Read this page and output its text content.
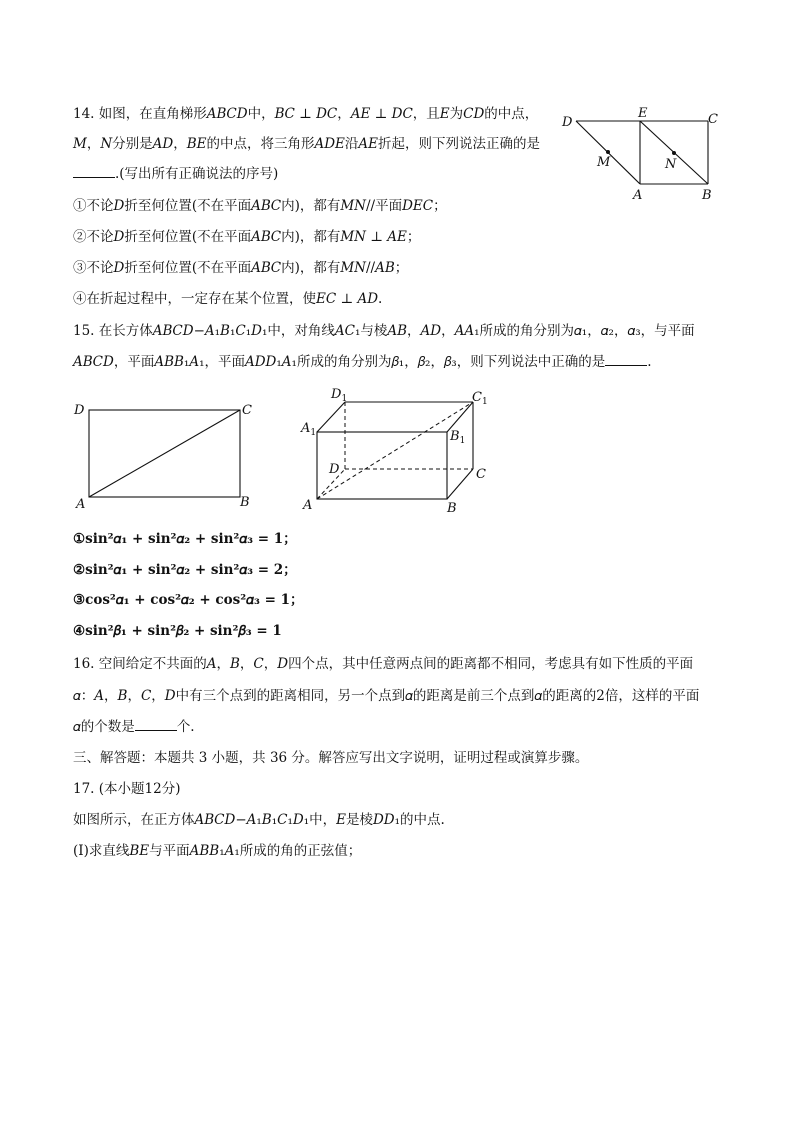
14. 如图，在直角梯形𝐴𝐵𝐶𝐷中，𝐵𝐶 ⊥ 𝐷𝐶，𝐴𝐸 ⊥ 𝐷𝐶，且𝐸为𝐶𝐷的中点，
𝑀，𝑁分别是𝐴𝐷，𝐵𝐸的中点，将三角形𝐴𝐷𝐸沿𝐴𝐸折起，则下列说法正确的是
.(写出所有正确说法的序号)
①不论𝐷折至何位置(不在平面𝐴𝐵𝐶内)，都有𝑀𝑁//平面𝐷𝐸𝐶；
②不论𝐷折至何位置(不在平面𝐴𝐵𝐶内)，都有𝑀𝑁 ⊥ 𝐴𝐸；
③不论𝐷折至何位置(不在平面𝐴𝐵𝐶内)，都有𝑀𝑁//𝐴𝐵；
④在折起过程中，一定存在某个位置，使𝐸𝐶 ⊥ 𝐴𝐷.
D
E	C
M	N
A	B
15. 在长方体𝐴𝐵𝐶𝐷−𝐴₁𝐵₁𝐶₁𝐷₁中，对角线𝐴𝐶₁与棱𝐴𝐵，𝐴𝐷，𝐴𝐴₁所成的角分别为𝛼₁，𝛼₂，𝛼₃，与平面
𝐴𝐵𝐶𝐷，平面𝐴𝐵𝐵₁𝐴₁，平面𝐴𝐷𝐷₁𝐴₁所成的角分别为𝛽₁，𝛽₂，𝛽₃，则下列说法中正确的是	.
D	C
A	B
$D_1$	$C_1$
$A_1$	$B_1$
D	C
A	B
①sin²𝛼₁ + sin²𝛼₂ + sin²𝛼₃ = 1；
②sin²𝛼₁ + sin²𝛼₂ + sin²𝛼₃ = 2；
③cos²𝛼₁ + cos²𝛼₂ + cos²𝛼₃ = 1；
④sin²𝛽₁ + sin²𝛽₂ + sin²𝛽₃ = 1
16. 空间给定不共面的𝐴，𝐵，𝐶，𝐷四个点，其中任意两点间的距离都不相同，考虑具有如下性质的平面
𝛼：𝐴，𝐵，𝐶，𝐷中有三个点到的距离相同，另一个点到𝛼的距离是前三个点到𝛼的距离的2倍，这样的平面
𝛼的个数是	个.
三、解答题：本题共 3 小题，共 36 分。解答应写出文字说明，证明过程或演算步骤。
17. (本小题12分)
如图所示，在正方体𝐴𝐵𝐶𝐷−𝐴₁𝐵₁𝐶₁𝐷₁中，𝐸是棱𝐷𝐷₁的中点.
(Ⅰ)求直线𝐵𝐸与平面𝐴𝐵𝐵₁𝐴₁所成的角的正弦值；
